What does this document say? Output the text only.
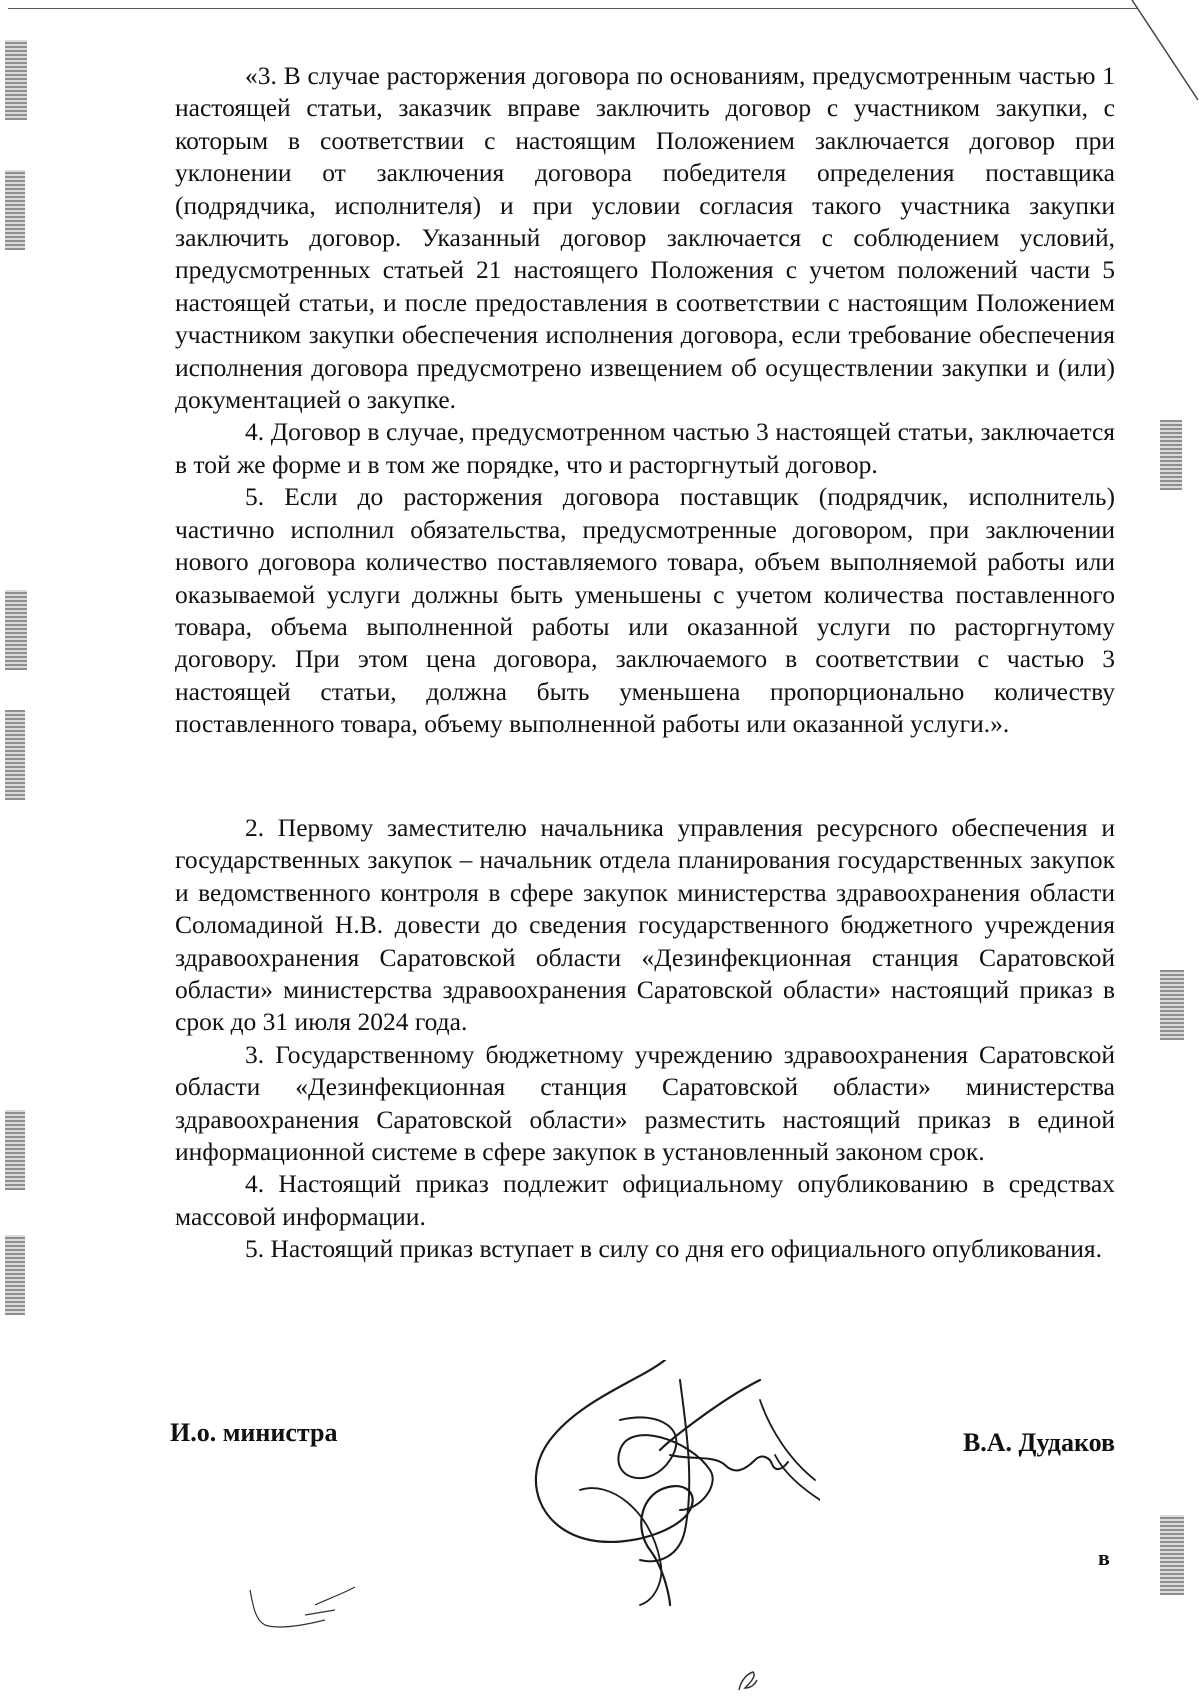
«3. В случае расторжения договора по основаниям, предусмотренным частью 1 настоящей статьи, заказчик вправе заключить договор с участником закупки, с которым в соответствии с настоящим Положением заключается договор при уклонении от заключения договора победителя определения поставщика (подрядчика, исполнителя) и при условии согласия такого участника закупки заключить договор. Указанный договор заключается с соблюдением условий, предусмотренных статьей 21 настоящего Положения с учетом положений части 5 настоящей статьи, и после предоставления в соответствии с настоящим Положением участником закупки обеспечения исполнения договора, если требование обеспечения исполнения договора предусмотрено извещением об осуществлении закупки и (или) документацией о закупке.

4. Договор в случае, предусмотренном частью 3 настоящей статьи, заключается в той же форме и в том же порядке, что и расторгнутый договор.

5. Если до расторжения договора поставщик (подрядчик, исполнитель) частично исполнил обязательства, предусмотренные договором, при заключении нового договора количество поставляемого товара, объем выполняемой работы или оказываемой услуги должны быть уменьшены с учетом количества поставленного товара, объема выполненной работы или оказанной услуги по расторгнутому договору. При этом цена договора, заключаемого в соответствии с частью 3 настоящей статьи, должна быть уменьшена пропорционально количеству поставленного товара, объему выполненной работы или оказанной услуги.».

2. Первому заместителю начальника управления ресурсного обеспечения и государственных закупок – начальник отдела планирования государственных закупок и ведомственного контроля в сфере закупок министерства здравоохранения области Соломадиной Н.В. довести до сведения государственного бюджетного учреждения здравоохранения Саратовской области «Дезинфекционная станция Саратовской области» министерства здравоохранения Саратовской области» настоящий приказ в срок до 31 июля 2024 года.

3. Государственному бюджетному учреждению здравоохранения Саратовской области «Дезинфекционная станция Саратовской области» министерства здравоохранения Саратовской области» разместить настоящий приказ в единой информационной системе в сфере закупок в установленный законом срок.

4. Настоящий приказ подлежит официальному опубликованию в средствах массовой информации.

5. Настоящий приказ вступает в силу со дня его официального опубликования.

И.о. министра	В.А. Дудаков
в
